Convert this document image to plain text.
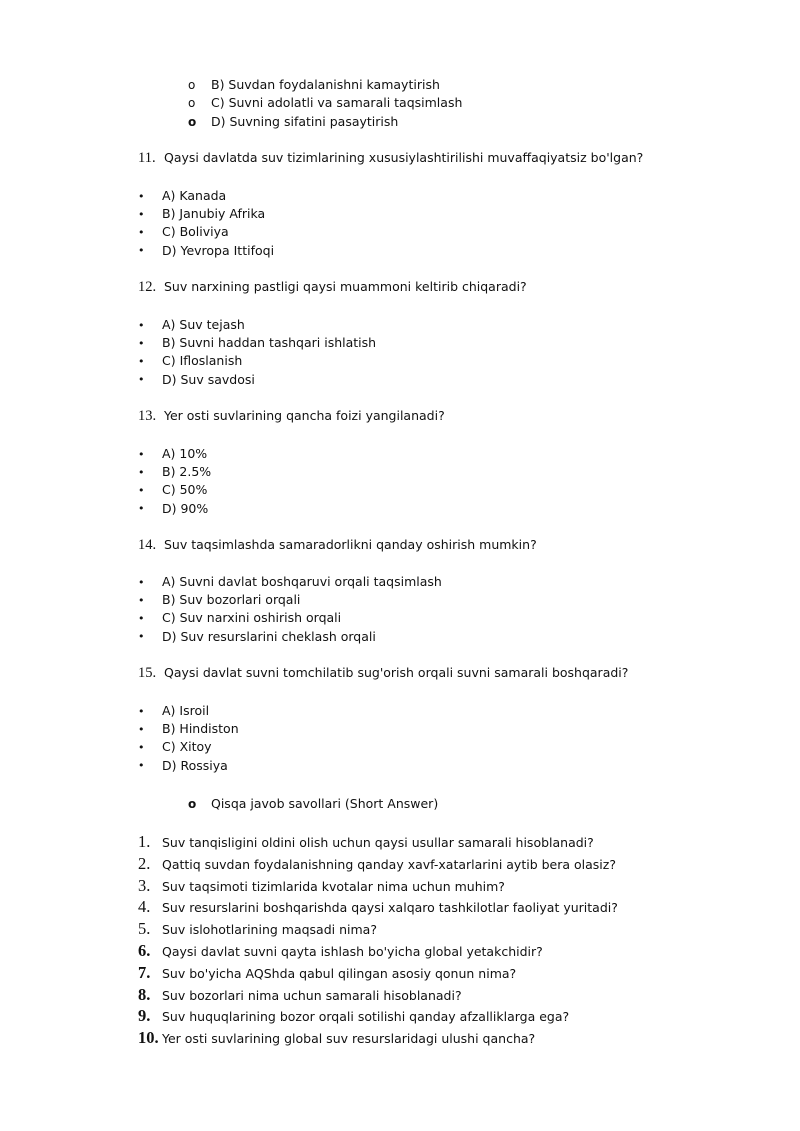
o	B) Suvdan foydalanishni kamaytirish
o	C) Suvni adolatli va samarali taqsimlash
o	D) Suvning sifatini pasaytirish
11. Qaysi davlatda suv tizimlarining xususiylashtirilishi muvaffaqiyatsiz bo'lgan?
•	A) Kanada
•	B) Janubiy Afrika
•	C) Boliviya
•	D) Yevropa Ittifoqi
12. Suv narxining pastligi qaysi muammoni keltirib chiqaradi?
•	A) Suv tejash
•	B) Suvni haddan tashqari ishlatish
•	C) Ifloslanish
•	D) Suv savdosi
13. Yer osti suvlarining qancha foizi yangilanadi?
•	A) 10%
•	B) 2.5%
•	C) 50%
•	D) 90%
14. Suv taqsimlashda samaradorlikni qanday oshirish mumkin?
•	A) Suvni davlat boshqaruvi orqali taqsimlash
•	B) Suv bozorlari orqali
•	C) Suv narxini oshirish orqali
•	D) Suv resurslarini cheklash orqali
15. Qaysi davlat suvni tomchilatib sug'orish orqali suvni samarali boshqaradi?
•	A) Isroil
•	B) Hindiston
•	C) Xitoy
•	D) Rossiya
o	Qisqa javob savollari (Short Answer)
1. Suv tanqisligini oldini olish uchun qaysi usullar samarali hisoblanadi?
2. Qattiq suvdan foydalanishning qanday xavf-xatarlarini aytib bera olasiz?
3. Suv taqsimoti tizimlarida kvotalar nima uchun muhim?
4. Suv resurslarini boshqarishda qaysi xalqaro tashkilotlar faoliyat yuritadi?
5. Suv islohotlarining maqsadi nima?
6. Qaysi davlat suvni qayta ishlash bo'yicha global yetakchidir?
7. Suv bo'yicha AQShda qabul qilingan asosiy qonun nima?
8. Suv bozorlari nima uchun samarali hisoblanadi?
9. Suv huquqlarining bozor orqali sotilishi qanday afzalliklarga ega?
10. Yer osti suvlarining global suv resurslaridagi ulushi qancha?
